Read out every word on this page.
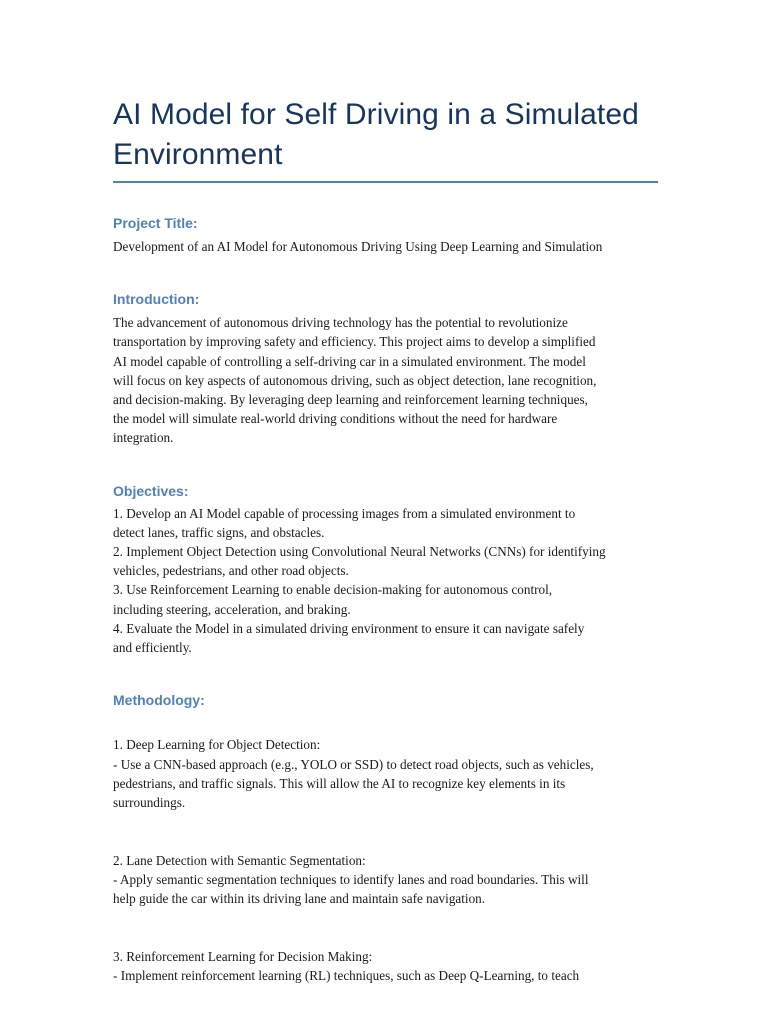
AI Model for Self Driving in a Simulated Environment
Project Title:

Development of an AI Model for Autonomous Driving Using Deep Learning and Simulation

Introduction:

The advancement of autonomous driving technology has the potential to revolutionize
transportation by improving safety and efficiency. This project aims to develop a simplified
AI model capable of controlling a self-driving car in a simulated environment. The model
will focus on key aspects of autonomous driving, such as object detection, lane recognition,
and decision-making. By leveraging deep learning and reinforcement learning techniques,
the model will simulate real-world driving conditions without the need for hardware
integration.

Objectives:

1. Develop an AI Model capable of processing images from a simulated environment to
detect lanes, traffic signs, and obstacles.
2. Implement Object Detection using Convolutional Neural Networks (CNNs) for identifying
vehicles, pedestrians, and other road objects.
3. Use Reinforcement Learning to enable decision-making for autonomous control,
including steering, acceleration, and braking.
4. Evaluate the Model in a simulated driving environment to ensure it can navigate safely
and efficiently.

Methodology:

1. Deep Learning for Object Detection:
- Use a CNN-based approach (e.g., YOLO or SSD) to detect road objects, such as vehicles,
pedestrians, and traffic signals. This will allow the AI to recognize key elements in its
surroundings.

2. Lane Detection with Semantic Segmentation:
- Apply semantic segmentation techniques to identify lanes and road boundaries. This will
help guide the car within its driving lane and maintain safe navigation.

3. Reinforcement Learning for Decision Making:
- Implement reinforcement learning (RL) techniques, such as Deep Q-Learning, to teach
